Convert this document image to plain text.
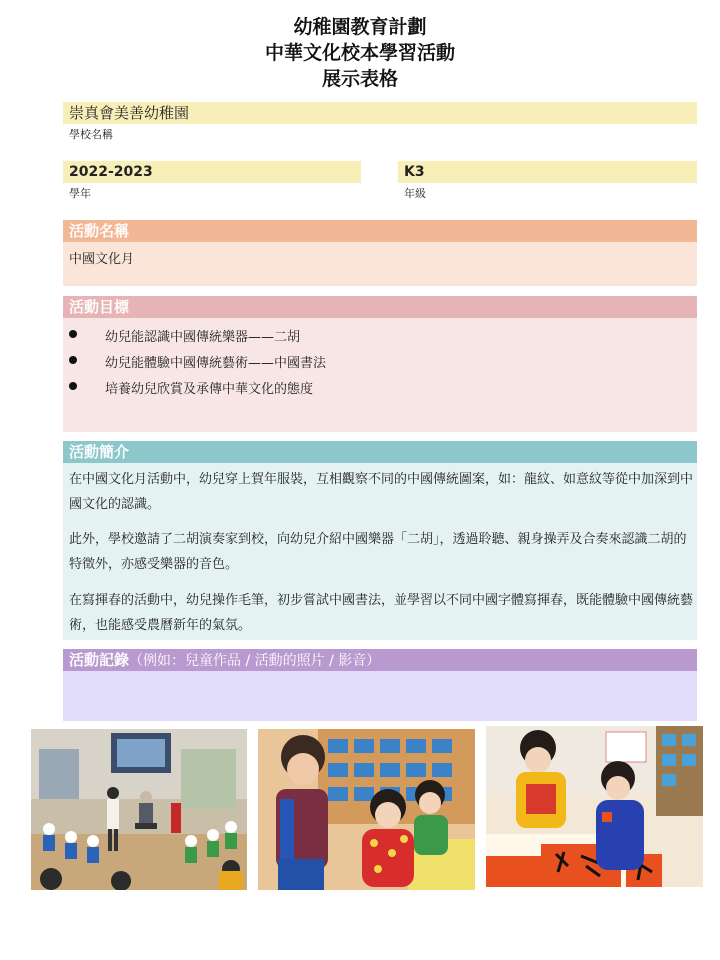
幼稚園教育計劃
中華文化校本學習活動
展示表格
崇真會美善幼稚園
學校名稱
2022-2023
學年
K3
年級
活動名稱
中國文化月
活動目標
幼兒能認識中國傳統樂器——二胡
幼兒能體驗中國傳統藝術——中國書法
培養幼兒欣賞及承傳中華文化的態度
活動簡介
在中國文化月活動中，幼兒穿上賀年服裝，互相觀察不同的中國傳統圖案，如：龍紋、如意紋等從中加深到中國文化的認識。
此外，學校邀請了二胡演奏家到校，向幼兒介紹中國樂器「二胡」，透過聆聽、親身操弄及合奏來認識二胡的特徵外，亦感受樂器的音色。
在寫揮春的活動中，幼兒操作毛筆，初步嘗試中國書法，並學習以不同中國字體寫揮春，既能體驗中國傳統藝術，也能感受農曆新年的氣氛。
活動記錄（例如：兒童作品 / 活動的照片 / 影音）
